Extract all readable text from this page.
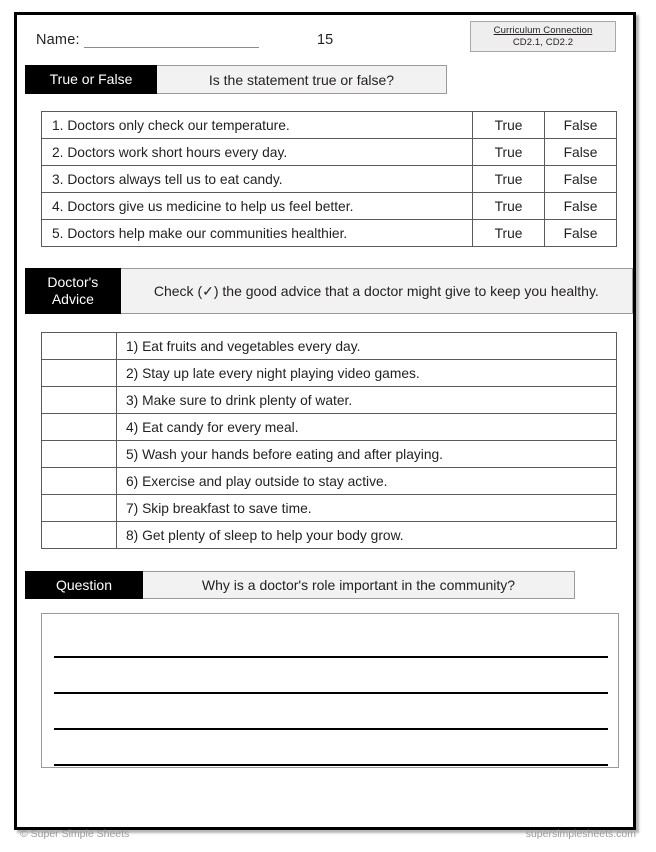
Name:	15
Curriculum Connection
CD2.1, CD2.2
True or False	Is the statement true or false?
1. Doctors only check our temperature.	True	False
2. Doctors work short hours every day.	True	False
3. Doctors always tell us to eat candy.	True	False
4. Doctors give us medicine to help us feel better.	True	False
5. Doctors help make our communities healthier.	True	False
Doctor's
Advice
Check (✓) the good advice that a doctor might give to keep you healthy.
	1) Eat fruits and vegetables every day.
	2) Stay up late every night playing video games.
	3) Make sure to drink plenty of water.
	4) Eat candy for every meal.
	5) Wash your hands before eating and after playing.
	6) Exercise and play outside to stay active.
	7) Skip breakfast to save time.
	8) Get plenty of sleep to help your body grow.
Question	Why is a doctor's role important in the community?
© Super Simple Sheets	supersimplesheets.com
